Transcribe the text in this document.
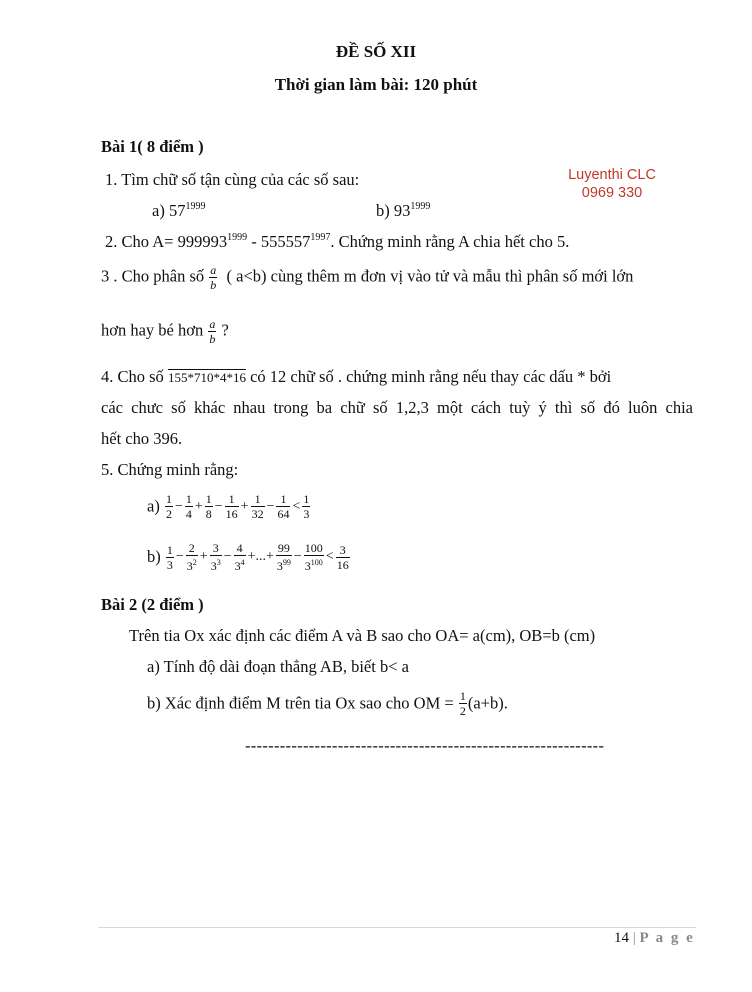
ĐỀ SỐ XII
Thời gian làm bài: 120 phút
Luyenthi CLC
0969 330
Bài 1( 8 điểm )
1. Tìm chữ số tận cùng của các số sau:
a) $57^{1999}$	b) $93^{1999}$
2. Cho $A= 999993^{1999} - 555557^{1997}$. Chứng minh rằng A chia hết cho 5.
3 . Cho phân số $\frac{a}{b}$ ( a<b) cùng thêm m đơn vị vào tử và mẫu thì phân số mới lớn
hơn hay bé hơn $\frac{a}{b}$ ?
4. Cho số 155*710*4*16 có 12 chữ số . chứng minh rằng nếu thay các dấu * bởi
các chưc số khác nhau trong ba chữ số 1,2,3 một cách tuỳ ý thì số đó luôn chia
hết cho 396.
5. Chứng minh rằng:
$a) \frac{1}{2} - \frac{1}{4} + \frac{1}{8} - \frac{1}{16} + \frac{1}{32} - \frac{1}{64} < \frac{1}{3}$
$b) \frac{1}{3} - \frac{2}{3^2} + \frac{3}{3^3} - \frac{4}{3^4}$ +...+ $\frac{99}{3^{99}} - \frac{100}{3^{100}} < \frac{3}{16}$
Bài 2 (2 điểm )
Trên tia Ox xác định các điểm A và B sao cho OA= a(cm), OB=b (cm)
a) Tính độ dài đoạn thẳng AB, biết b< a
b) Xác định điểm M trên tia Ox sao cho OM = $\frac{1}{2} (a+b)$.
--------------------------------------------------------------
14 | P a g e
